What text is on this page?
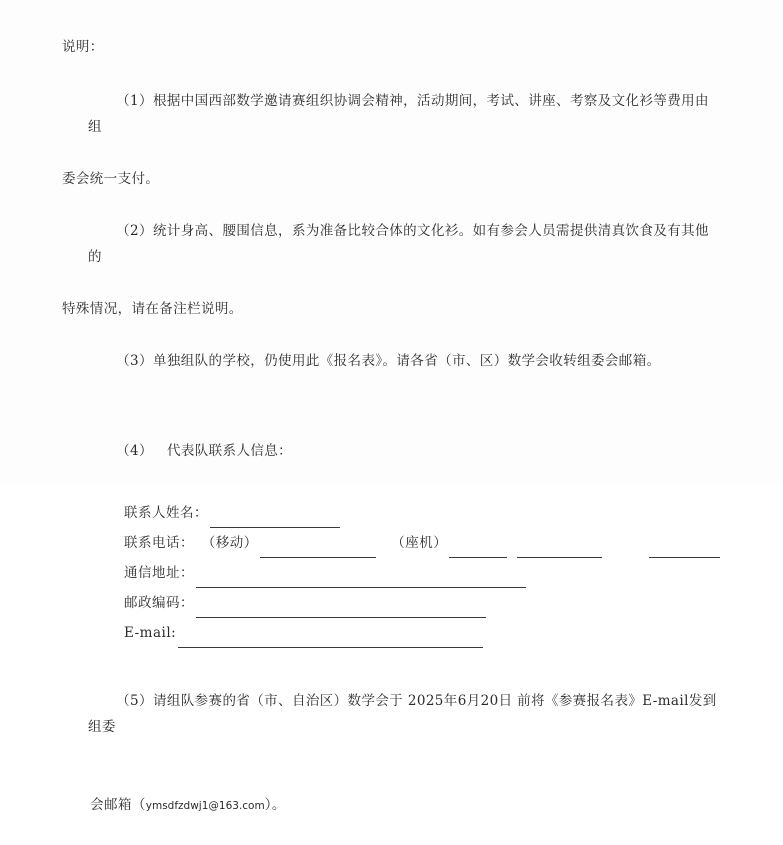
说明：

（1）根据中国西部数学邀请赛组织协调会精神，活动期间，考试、讲座、考察及文化衫等费用由组

委会统一支付。

（2）统计身高、腰围信息，系为准备比较合体的文化衫。如有参会人员需提供清真饮食及有其他的

特殊情况，请在备注栏说明。

（3）单独组队的学校，仍使用此《报名表》。请各省（市、区）数学会收转组委会邮箱。

（4） 代表队联系人信息：

联系人姓名：
联系电话： （移动）	（座机）
通信地址：
邮政编码：
E-mail:

（5）请组队参赛的省（市、自治区）数学会于 2025年6月20日 前将《参赛报名表》E-mail发到组委

会邮箱（ymsdfzdwj1@163.com）。
